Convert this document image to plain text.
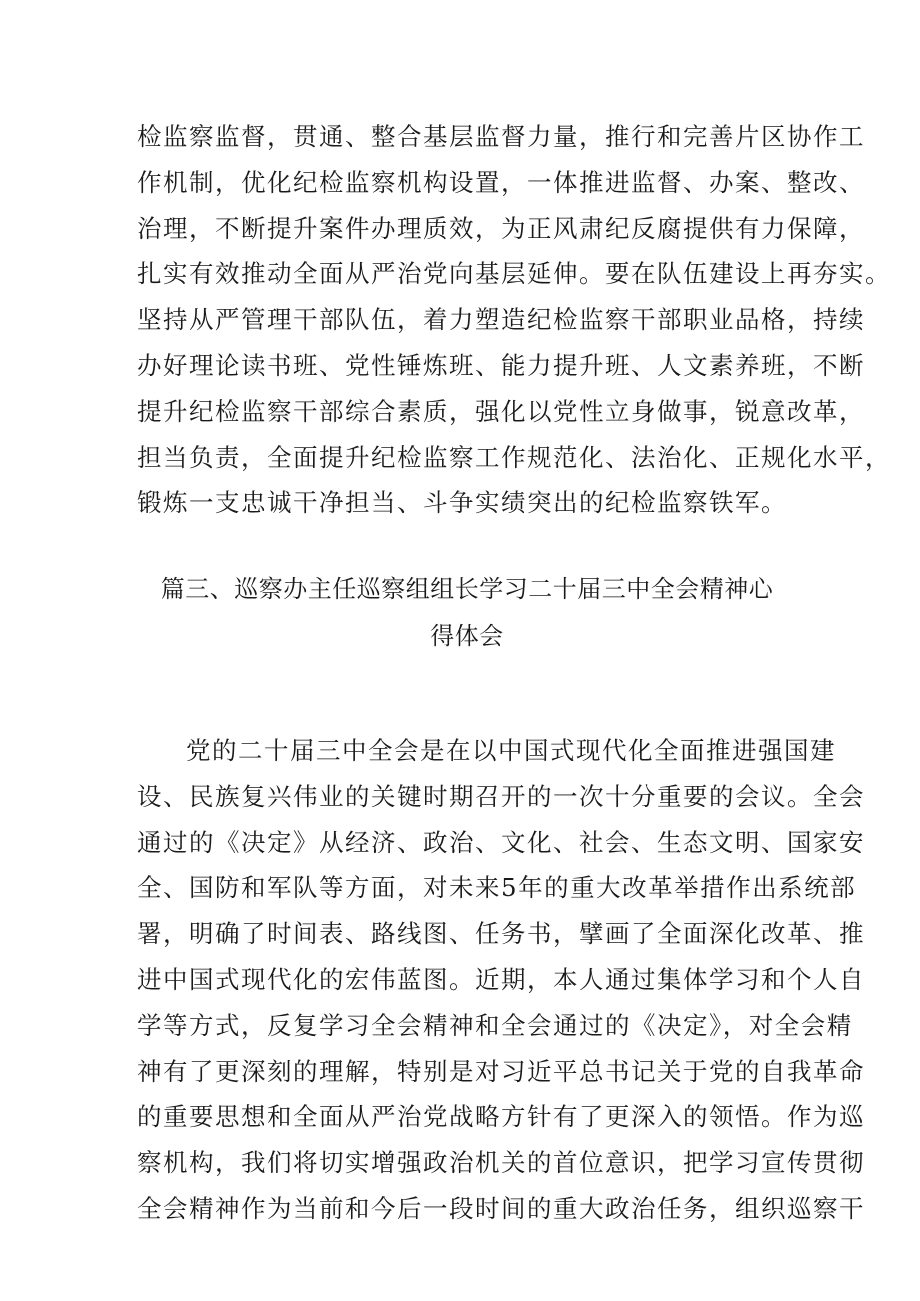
检监察监督，贯通、整合基层监督力量，推行和完善片区协作工
作机制，优化纪检监察机构设置，一体推进监督、办案、整改、
治理，不断提升案件办理质效，为正风肃纪反腐提供有力保障，
扎实有效推动全面从严治党向基层延伸。要在队伍建设上再夯实。
坚持从严管理干部队伍，着力塑造纪检监察干部职业品格，持续
办好理论读书班、党性锤炼班、能力提升班、人文素养班，不断
提升纪检监察干部综合素质，强化以党性立身做事，锐意改革，
担当负责，全面提升纪检监察工作规范化、法治化、正规化水平，
锻炼一支忠诚干净担当、斗争实绩突出的纪检监察铁军。
篇三、巡察办主任巡察组组长学习二十届三中全会精神心
得体会
党的二十届三中全会是在以中国式现代化全面推进强国建
设、民族复兴伟业的关键时期召开的一次十分重要的会议。全会
通过的《决定》从经济、政治、文化、社会、生态文明、国家安
全、国防和军队等方面，对未来5年的重大改革举措作出系统部
署，明确了时间表、路线图、任务书，擘画了全面深化改革、推
进中国式现代化的宏伟蓝图。近期，本人通过集体学习和个人自
学等方式，反复学习全会精神和全会通过的《决定》，对全会精
神有了更深刻的理解，特别是对习近平总书记关于党的自我革命
的重要思想和全面从严治党战略方针有了更深入的领悟。作为巡
察机构，我们将切实增强政治机关的首位意识，把学习宣传贯彻
全会精神作为当前和今后一段时间的重大政治任务，组织巡察干
